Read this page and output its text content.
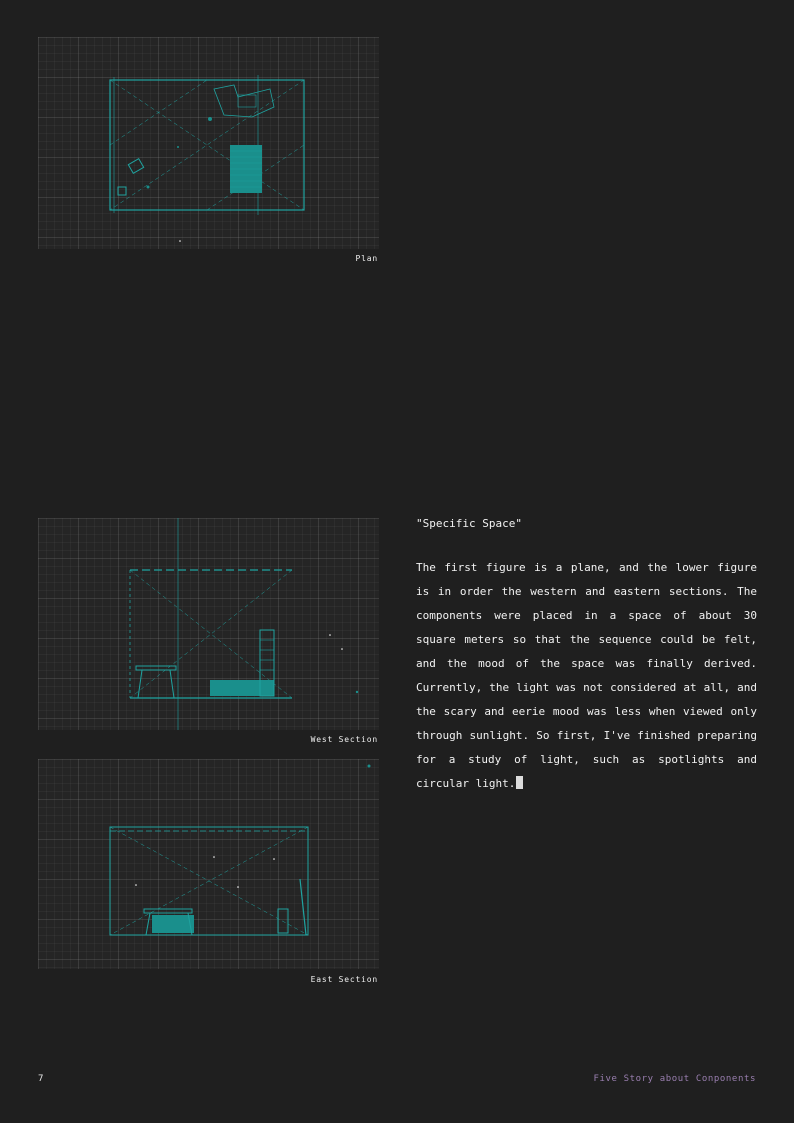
Plan
West Section
East Section

"Specific Space"

The first figure is a plane, and the lower figure is in order the western and eastern sections. The components were placed in a space of about 30 square meters so that the sequence could be felt, and the mood of the space was finally derived. Currently, the light was not considered at all, and the scary and eerie mood was less when viewed only through sunlight. So first, I've finished preparing for a study of light, such as spotlights and circular light.

7	Five Story about Conponents
